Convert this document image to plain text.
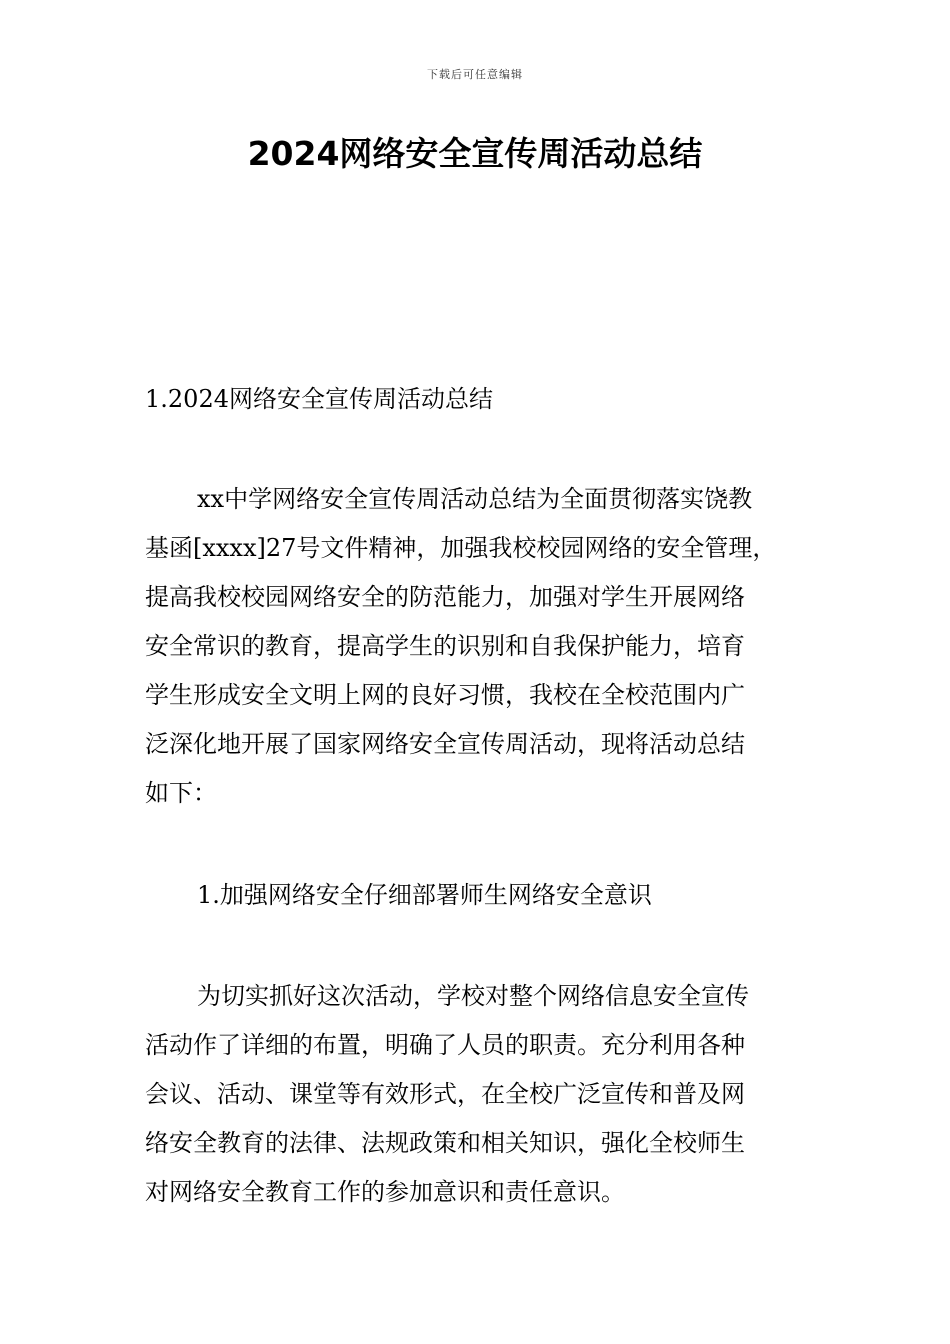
下载后可任意编辑
2024网络安全宣传周活动总结
1.2024网络安全宣传周活动总结
xx中学网络安全宣传周活动总结为全面贯彻落实饶教
基函[xxxx]27号文件精神，加强我校校园网络的安全管理，
提高我校校园网络安全的防范能力，加强对学生开展网络
安全常识的教育，提高学生的识别和自我保护能力，培育
学生形成安全文明上网的良好习惯，我校在全校范围内广
泛深化地开展了国家网络安全宣传周活动，现将活动总结
如下：
1.加强网络安全仔细部署师生网络安全意识
为切实抓好这次活动，学校对整个网络信息安全宣传
活动作了详细的布置，明确了人员的职责。充分利用各种
会议、活动、课堂等有效形式，在全校广泛宣传和普及网
络安全教育的法律、法规政策和相关知识，强化全校师生
对网络安全教育工作的参加意识和责任意识。
